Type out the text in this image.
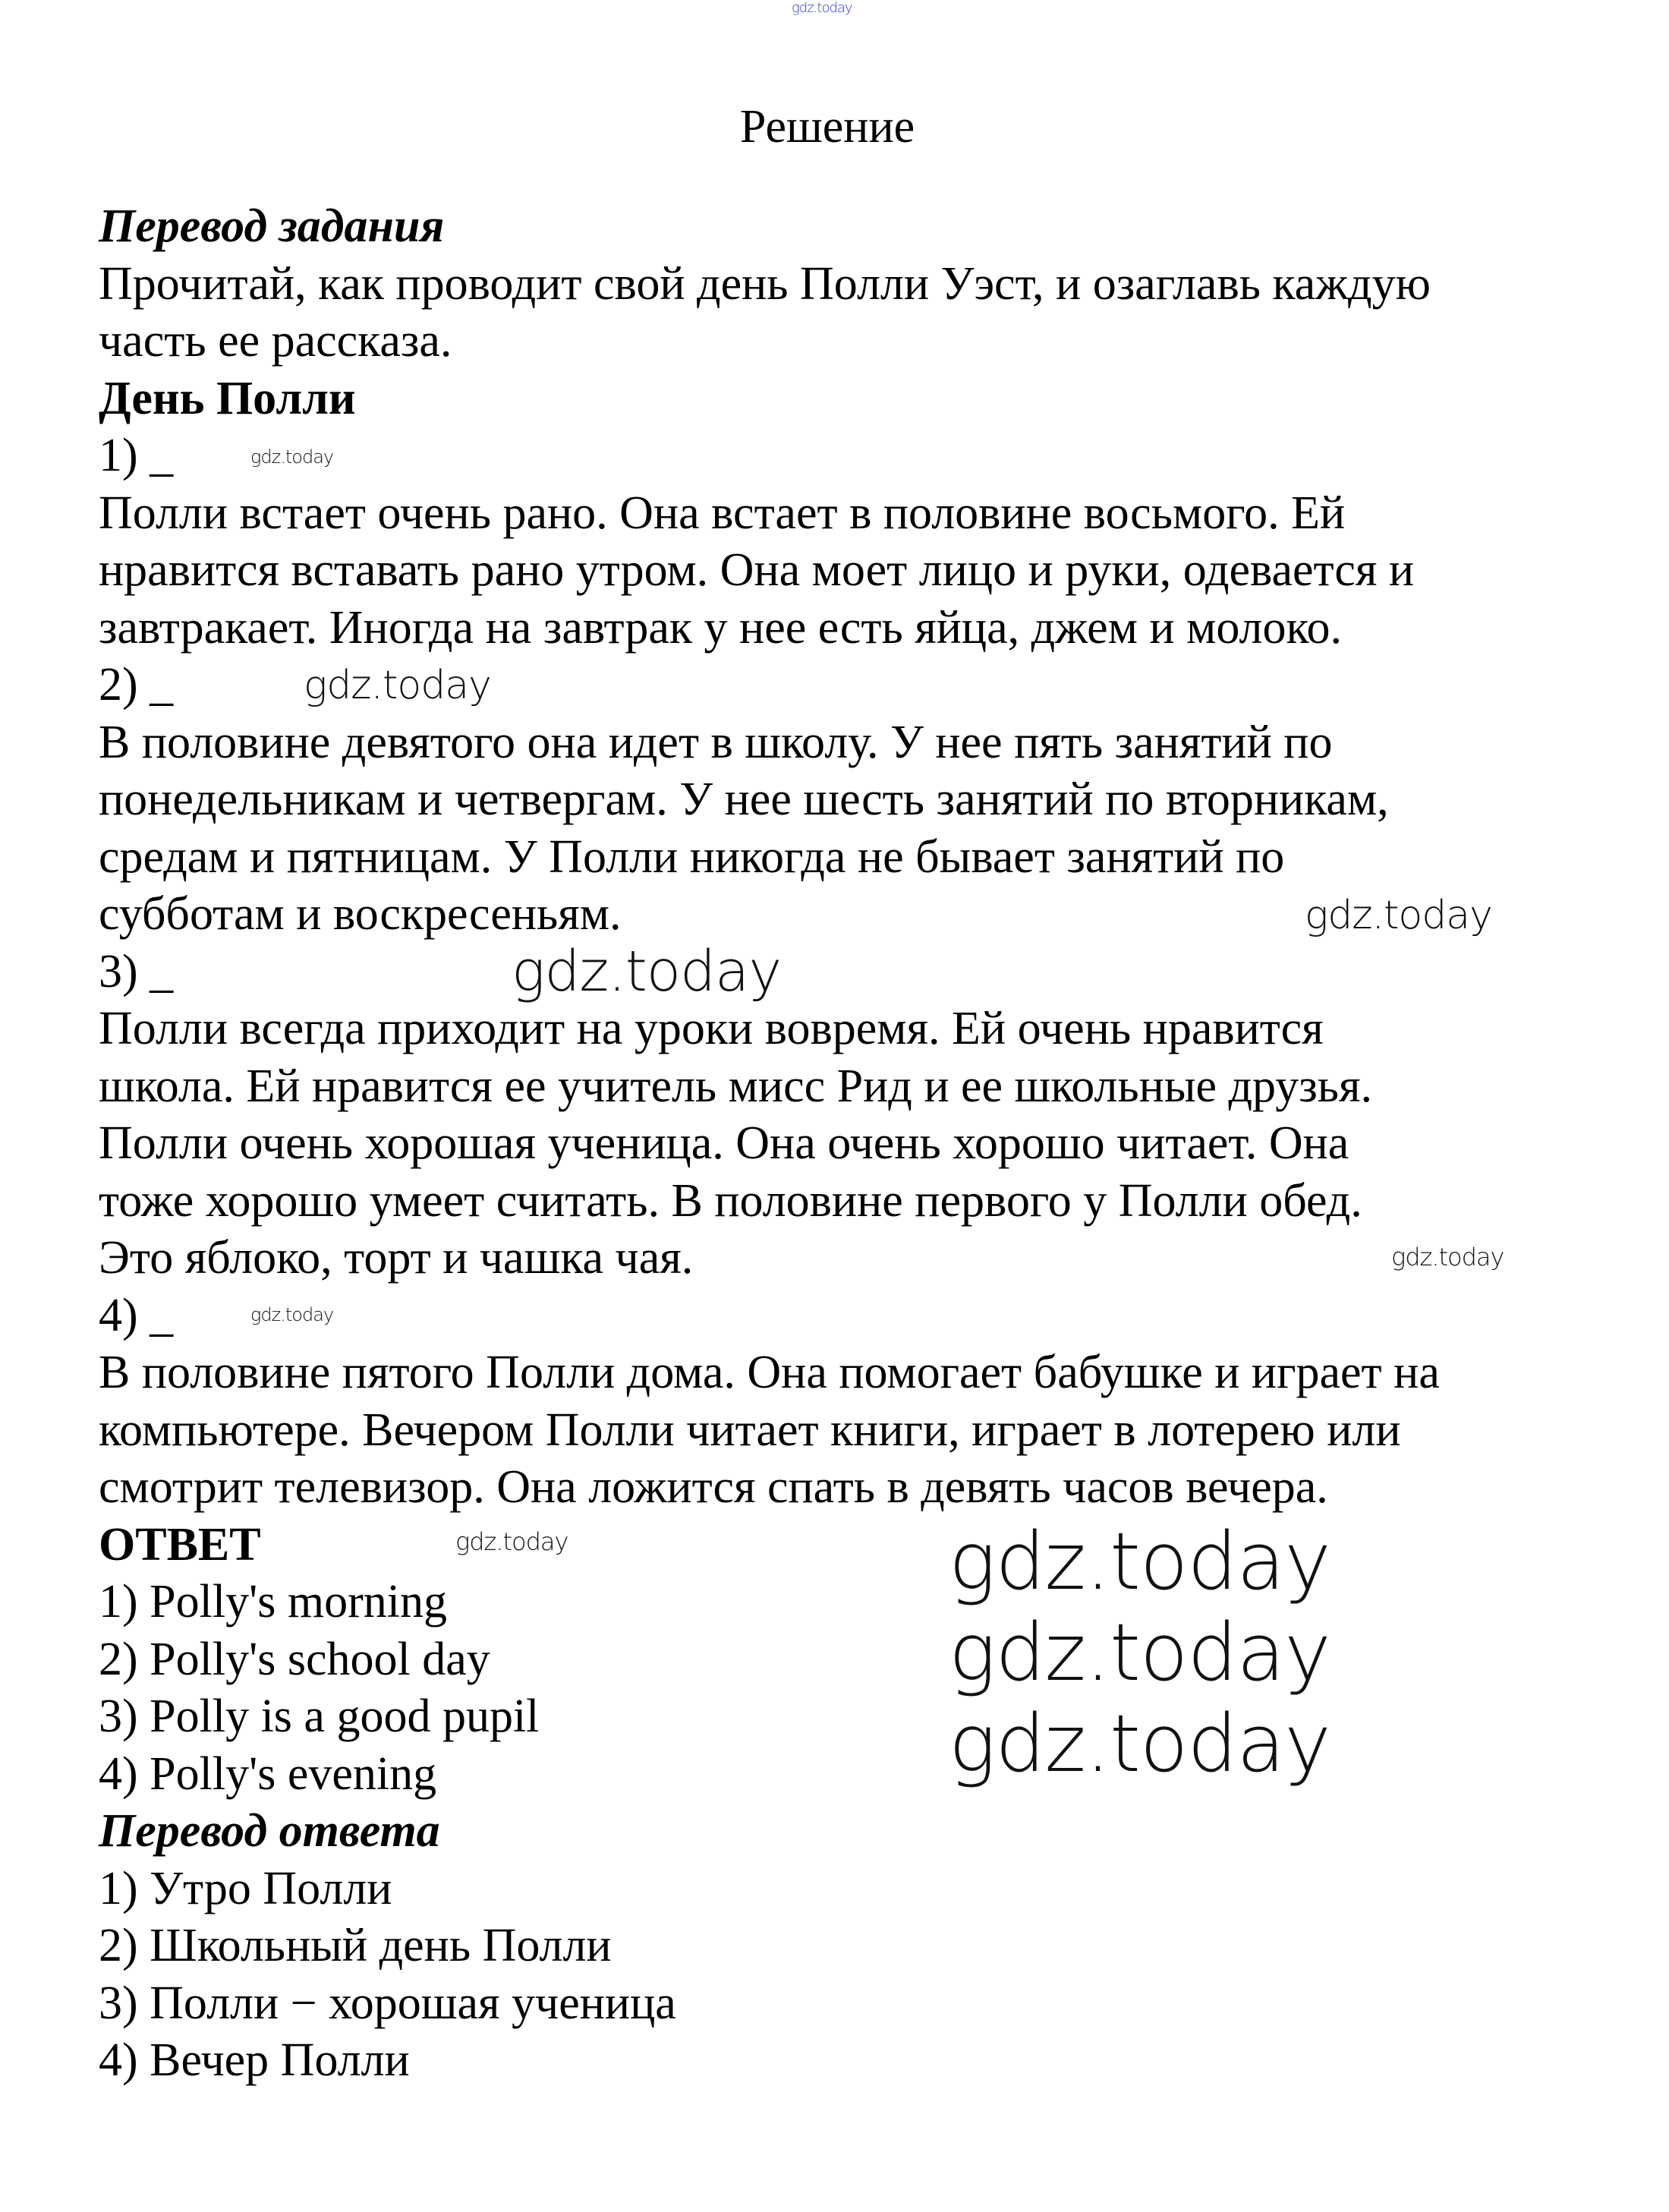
Решение
Перевод задания
Прочитай, как проводит свой день Полли Уэст, и озаглавь каждую
часть ее рассказа.
День Полли
1) _
Полли встает очень рано. Она встает в половине восьмого. Ей
нравится вставать рано утром. Она моет лицо и руки, одевается и
завтракает. Иногда на завтрак у нее есть яйца, джем и молоко.
2) _
В половине девятого она идет в школу. У нее пять занятий по
понедельникам и четвергам. У нее шесть занятий по вторникам,
средам и пятницам. У Полли никогда не бывает занятий по
субботам и воскресеньям.
3) _
Полли всегда приходит на уроки вовремя. Ей очень нравится
школа. Ей нравится ее учитель мисс Рид и ее школьные друзья.
Полли очень хорошая ученица. Она очень хорошо читает. Она
тоже хорошо умеет считать. В половине первого у Полли обед.
Это яблоко, торт и чашка чая.
4) _
В половине пятого Полли дома. Она помогает бабушке и играет на
компьютере. Вечером Полли читает книги, играет в лотерею или
смотрит телевизор. Она ложится спать в девять часов вечера.
ОТВЕТ
1) Polly's morning
2) Polly's school day
3) Polly is a good pupil
4) Polly's evening
Перевод ответа
1) Утро Полли
2) Школьный день Полли
3) Полли − хорошая ученица
4) Вечер Полли
gdz.today
gdz.today
gdz.today
gdz.today
gdz.today
gdz.today
gdz.today
gdz.today	gdz.today
gdz.today
gdz.today
